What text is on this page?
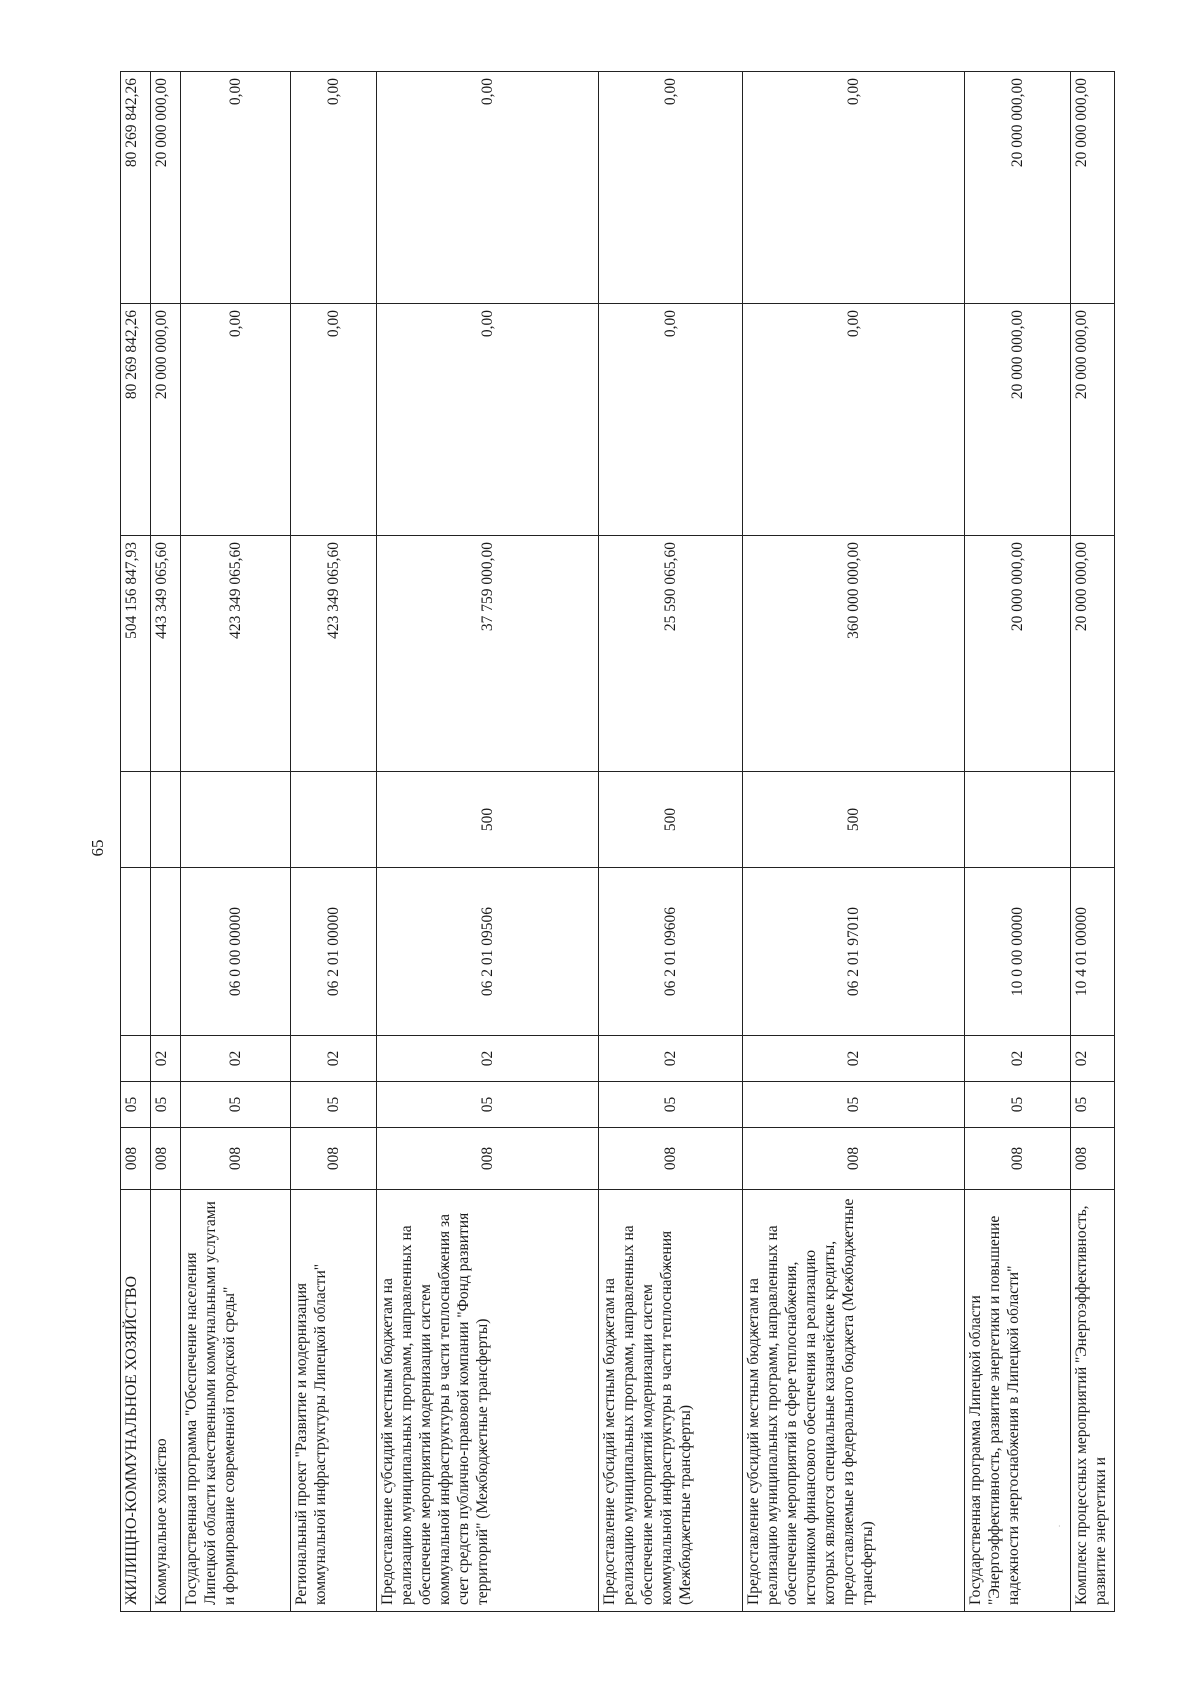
65
ЖИЛИЩНО-КОММУНАЛЬНОЕ ХОЗЯЙСТВО	008	05				504 156 847,93	80 269 842,26	80 269 842,26
Коммунальное хозяйство	008	05	02			443 349 065,60	20 000 000,00	20 000 000,00
Государственная программа "Обеспечение населения Липецкой области качественными коммунальными услугами и формирование современной городской среды"	008	05	02	06 0 00 00000		423 349 065,60	0,00	0,00
Региональный проект "Развитие и модернизация коммунальной инфраструктуры Липецкой области"	008	05	02	06 2 01 00000		423 349 065,60	0,00	0,00
Предоставление субсидий местным бюджетам на реализацию муниципальных программ, направленных на обеспечение мероприятий модернизации систем коммунальной инфраструктуры в части теплоснабжения за счет средств публично-правовой компании "Фонд развития территорий" (Межбюджетные трансферты)	008	05	02	06 2 01 09506	500	37 759 000,00	0,00	0,00
Предоставление субсидий местным бюджетам на реализацию муниципальных программ, направленных на обеспечение мероприятий модернизации систем коммунальной инфраструктуры в части теплоснабжения (Межбюджетные трансферты)	008	05	02	06 2 01 09606	500	25 590 065,60	0,00	0,00
Предоставление субсидий местным бюджетам на реализацию муниципальных программ, направленных на обеспечение мероприятий в сфере теплоснабжения, источником финансового обеспечения на реализацию которых являются специальные казначейские кредиты, предоставляемые из федерального бюджета (Межбюджетные трансферты)	008	05	02	06 2 01 97010	500	360 000 000,00	0,00	0,00
Государственная программа Липецкой области "Энергоэффективность, развитие энергетики и повышение надежности энергоснабжения в Липецкой области"	008	05	02	10 0 00 00000		20 000 000,00	20 000 000,00	20 000 000,00
Комплекс процессных мероприятий "Энергоэффективность, развитие энергетики и	008	05	02	10 4 01 00000		20 000 000,00	20 000 000,00	20 000 000,00
·
